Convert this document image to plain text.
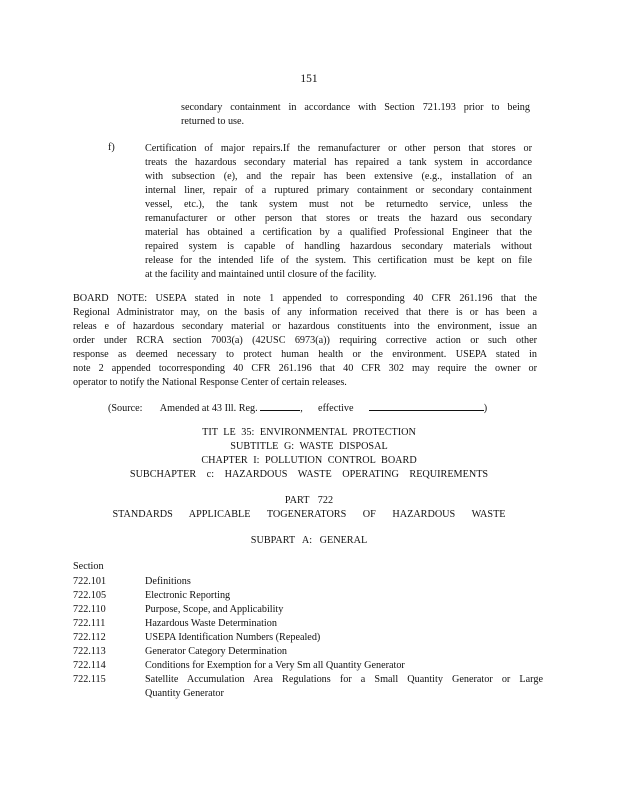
151
secondary containment in accordance with Section 721.193 prior to being
returned to use.
f)	Certification of major repairs.If the remanufacturer or other person that stores or
treats the hazardous secondary material has repaired a tank system in accordance
with subsection (e), and the repair has been extensive (e.g., installation of an
internal liner, repair of a ruptured primary containment or secondary containment
vessel, etc.), the tank system must not be returnedto service, unless the
remanufacturer or other person that stores or treats the hazard ous secondary
material has obtained a certification by a qualified Professional Engineer that the
repaired system is capable of handling hazardous secondary materials without
release for the intended life of the system. This certification must be kept on file
at the facility and maintained until closure of the facility.
BOARD NOTE: USEPA stated in note 1 appended to corresponding 40 CFR 261.196 that the
Regional Administrator may, on the basis of any information received that there is or has been a
releas e of hazardous secondary material or hazardous constituents into the environment, issue an
order under RCRA section 7003(a) (42USC 6973(a)) requiring corrective action or such other
response as deemed necessary to protect human health or the environment. USEPA stated in
note 2 appended tocorresponding 40 CFR 261.196 that 40 CFR 302 may require the owner or
operator to notify the National Response Center of certain releases.
(Source: Amended at 43 Ill. Reg.	,      effective	)
TIT LE 35: ENVIRONMENTAL PROTECTION
SUBTITLE G: WASTE DISPOSAL
CHAPTER I: POLLUTION CONTROL BOARD
SUBCHAPTER c: HAZARDOUS WASTE OPERATING REQUIREMENTS
PART 722
STANDARDS APPLICABLE TOGENERATORS OF HAZARDOUS WASTE
SUBPART A: GENERAL
Section
722.101	Definitions
722.105	Electronic Reporting
722.110	Purpose, Scope, and Applicability
722.111	Hazardous Waste Determination
722.112	USEPA Identification Numbers (Repealed)
722.113	Generator Category Determination
722.114	Conditions for Exemption for a Very Sm all Quantity Generator
722.115	Satellite Accumulation Area Regulations for a Small Quantity Generator or Large
Quantity Generator
